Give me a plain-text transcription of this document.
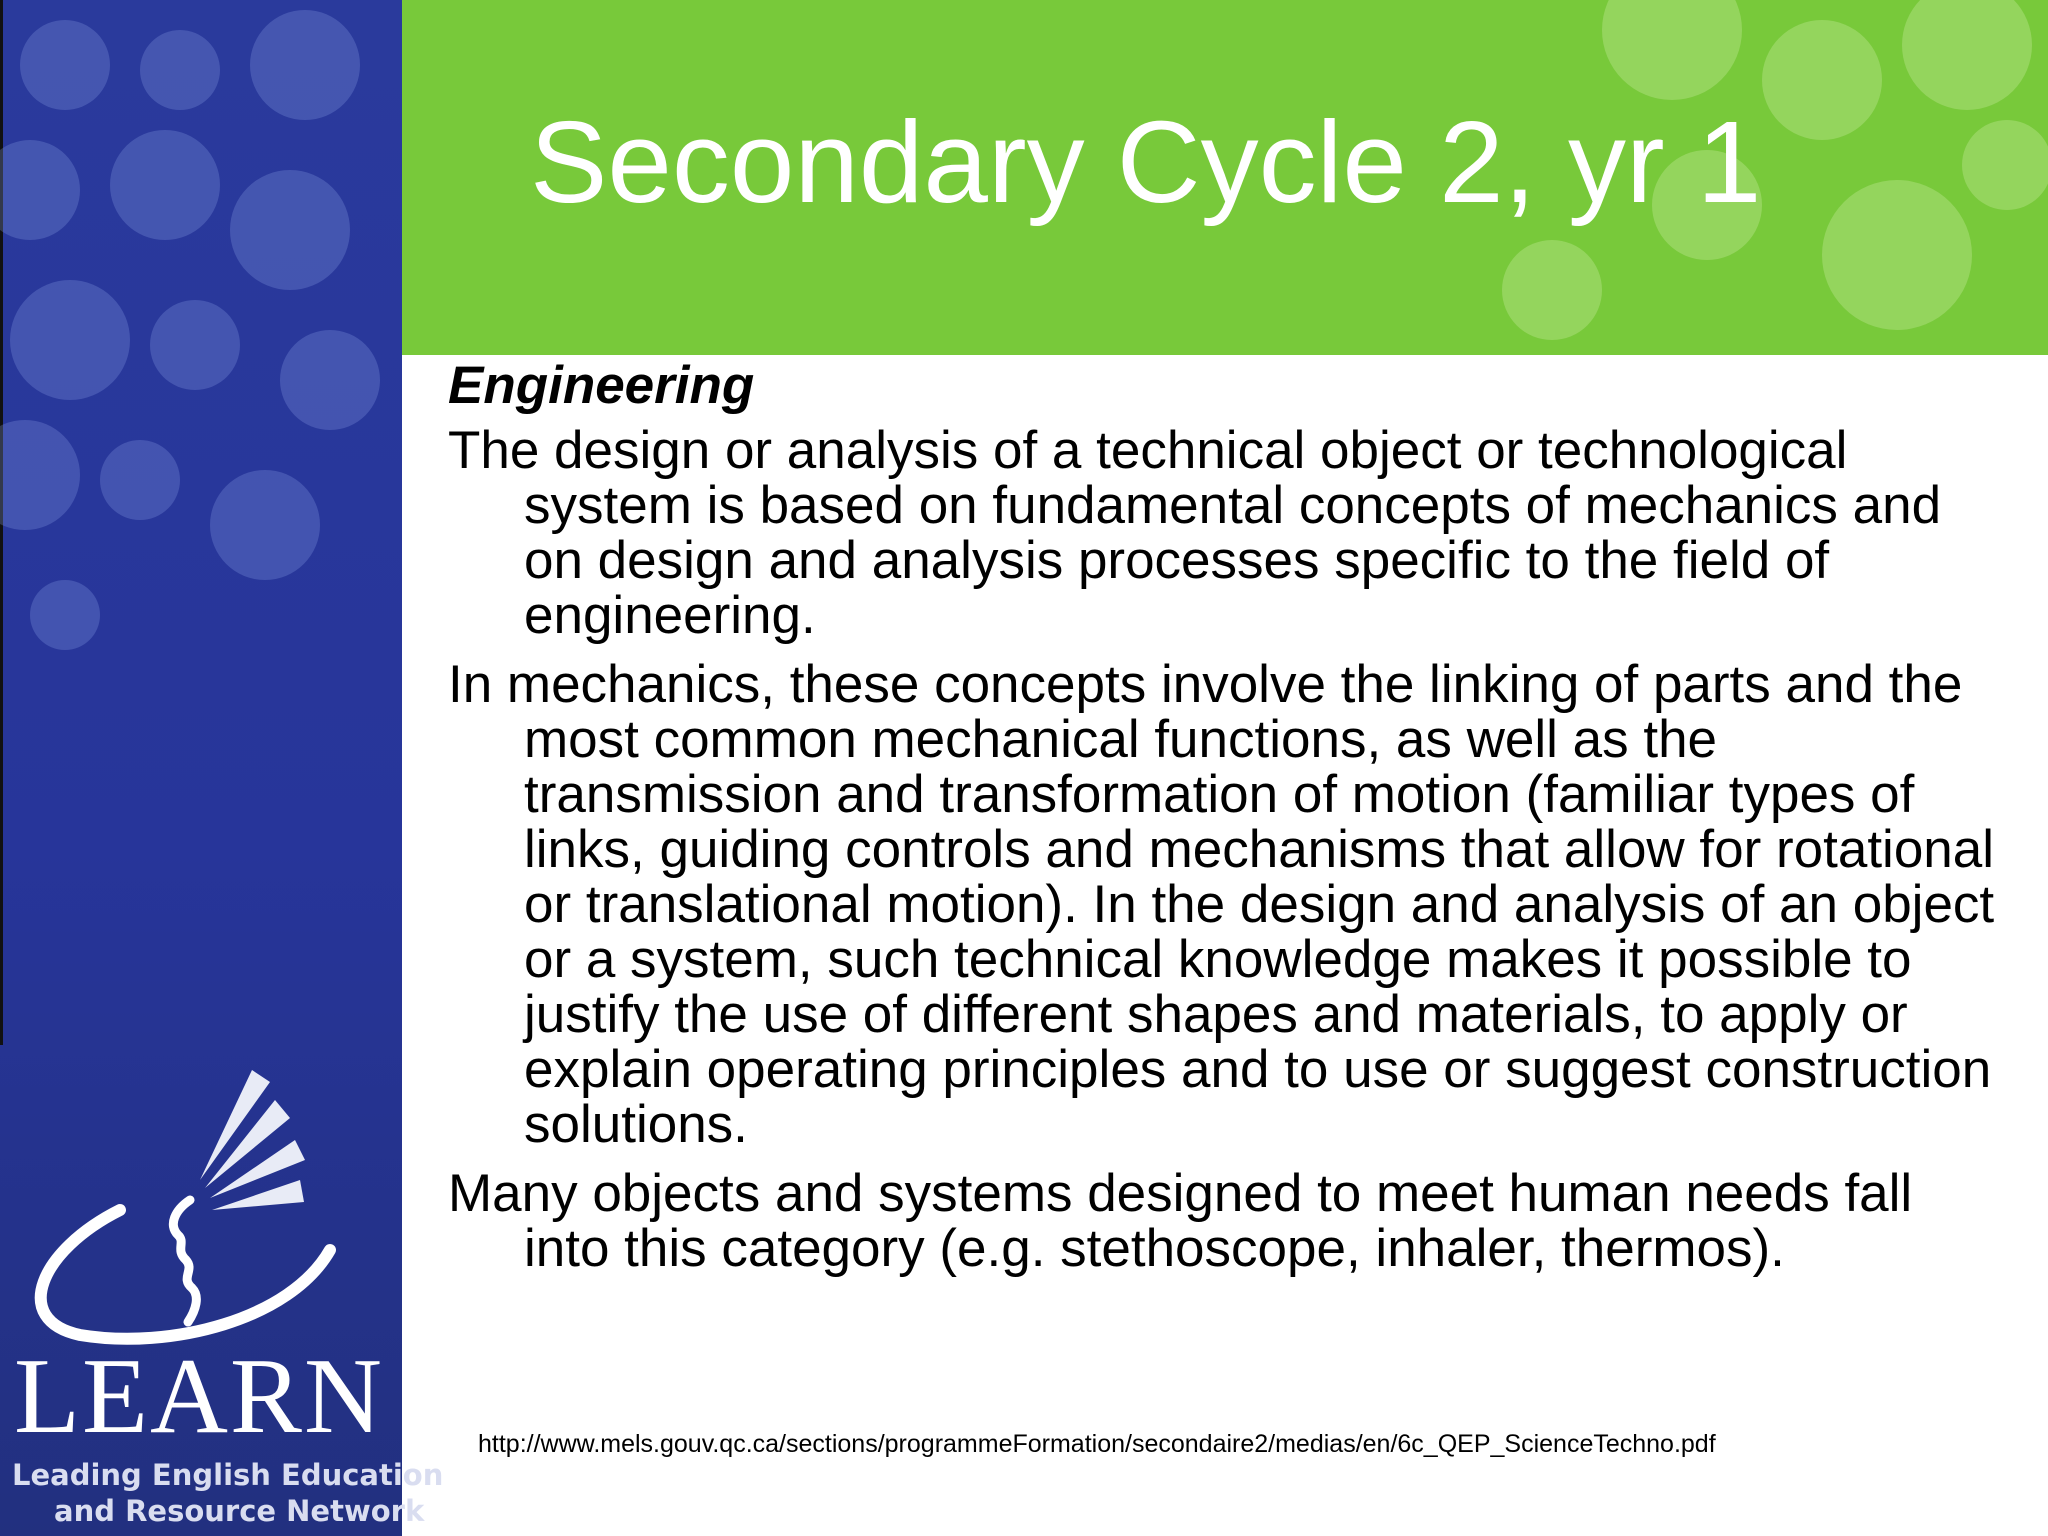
Secondary Cycle 2, yr 1
Engineering
The design or analysis of a technical object or technological system is based on fundamental concepts of mechanics and on design and analysis processes specific to the field of engineering.
In mechanics, these concepts involve the linking of parts and the most common mechanical functions, as well as the transmission and transformation of motion (familiar types of links, guiding controls and mechanisms that allow for rotational or translational motion). In the design and analysis of an object or a system, such technical knowledge makes it possible to justify the use of different shapes and materials, to apply or explain operating principles and to use or suggest construction solutions.
Many objects and systems designed to meet human needs fall into this category (e.g. stethoscope, inhaler, thermos).
http://www.mels.gouv.qc.ca/sections/programmeFormation/secondaire2/medias/en/6c_QEP_ScienceTechno.pdf
LEARN
Leading English Education
and Resource Network
